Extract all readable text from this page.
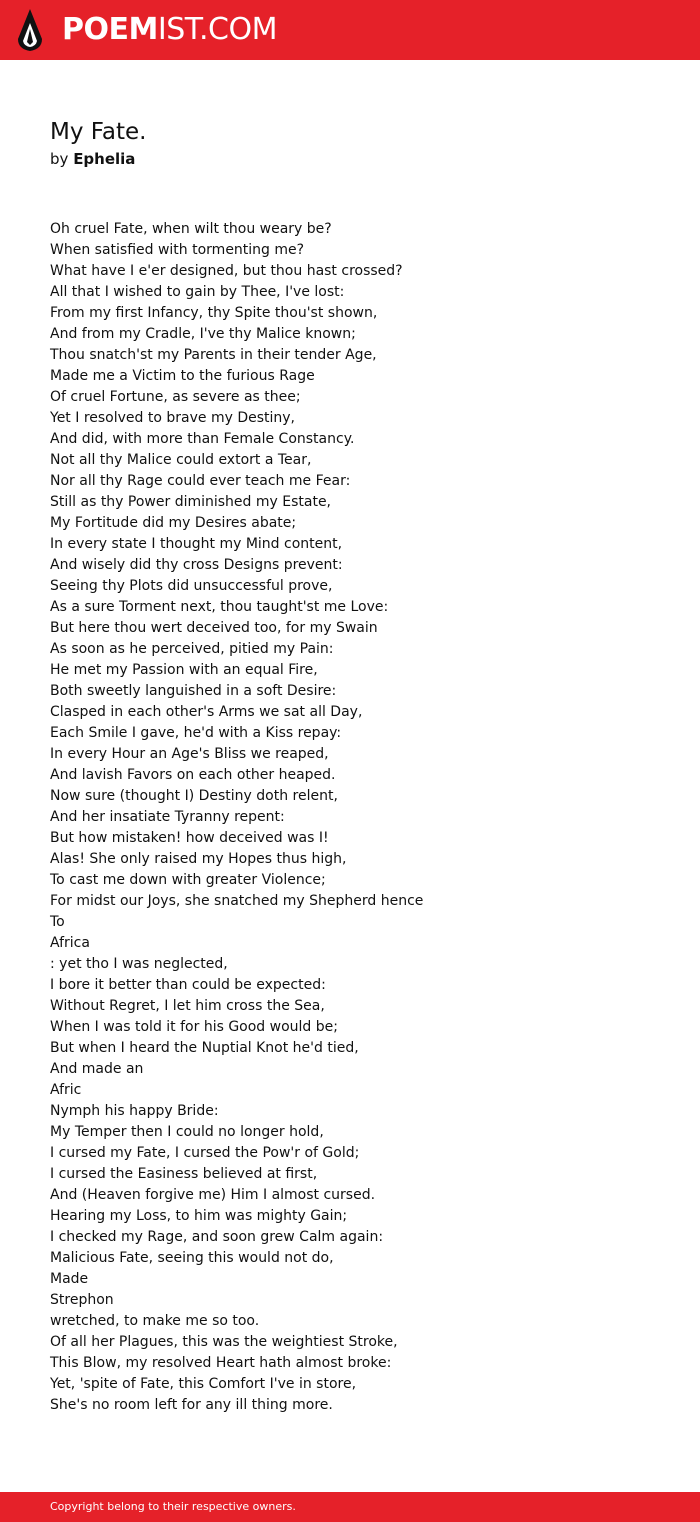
POEMIST.COM
My Fate.
by Ephelia
Oh cruel Fate, when wilt thou weary be?
When satisfied with tormenting me?
What have I e'er designed, but thou hast crossed?
All that I wished to gain by Thee, I've lost:
From my first Infancy, thy Spite thou'st shown,
And from my Cradle, I've thy Malice known;
Thou snatch'st my Parents in their tender Age,
Made me a Victim to the furious Rage
Of cruel Fortune, as severe as thee;
Yet I resolved to brave my Destiny,
And did, with more than Female Constancy.
Not all thy Malice could extort a Tear,
Nor all thy Rage could ever teach me Fear:
Still as thy Power diminished my Estate,
My Fortitude did my Desires abate;
In every state I thought my Mind content,
And wisely did thy cross Designs prevent:
Seeing thy Plots did unsuccessful prove,
As a sure Torment next, thou taught'st me Love:
But here thou wert deceived too, for my Swain
As soon as he perceived, pitied my Pain:
He met my Passion with an equal Fire,
Both sweetly languished in a soft Desire:
Clasped in each other's Arms we sat all Day,
Each Smile I gave, he'd with a Kiss repay:
In every Hour an Age's Bliss we reaped,
And lavish Favors on each other heaped.
Now sure (thought I) Destiny doth relent,
And her insatiate Tyranny repent:
But how mistaken! how deceived was I!
Alas! She only raised my Hopes thus high,
To cast me down with greater Violence;
For midst our Joys, she snatched my Shepherd hence
To
Africa
: yet tho I was neglected,
I bore it better than could be expected:
Without Regret, I let him cross the Sea,
When I was told it for his Good would be;
But when I heard the Nuptial Knot he'd tied,
And made an
Afric
Nymph his happy Bride:
My Temper then I could no longer hold,
I cursed my Fate, I cursed the Pow'r of Gold;
I cursed the Easiness believed at first,
And (Heaven forgive me) Him I almost cursed.
Hearing my Loss, to him was mighty Gain;
I checked my Rage, and soon grew Calm again:
Malicious Fate, seeing this would not do,
Made
Strephon
wretched, to make me so too.
Of all her Plagues, this was the weightiest Stroke,
This Blow, my resolved Heart hath almost broke:
Yet, 'spite of Fate, this Comfort I've in store,
She's no room left for any ill thing more.
Copyright belong to their respective owners.
